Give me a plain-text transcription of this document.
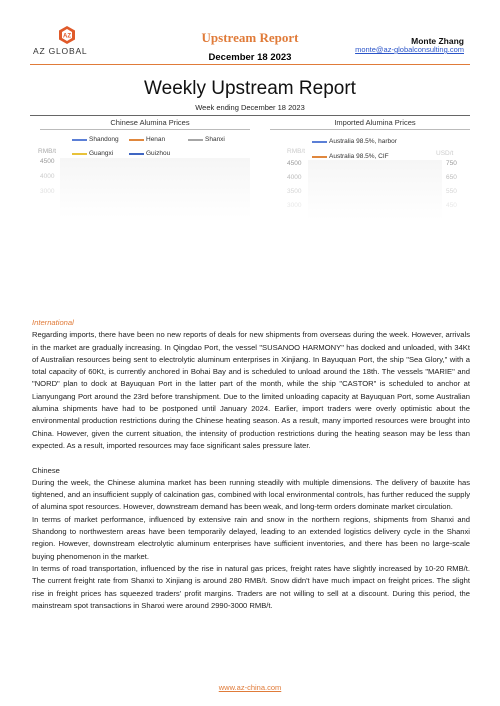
AZ
AZ GLOBAL
Upstream Report
December 18 2023
Monte Zhang
monte@az-globalconsulting.com
Weekly Upstream Report
Week ending December 18 2023
Chinese Alumina Prices
Shandong	Henan	Shanxi
Guangxi	Guizhou
RMB/t
4500
4000
3000
Imported Alumina Prices
Australia 98.5%, harbor
Australia 98.5%, CIF
RMB/t	USD/t
4500
4000
3500
3000
750
650
550
450

International

Regarding imports, there have been no new reports of deals for new shipments from overseas during the week. However, arrivals in the market are gradually increasing. In Qingdao Port, the vessel "SUSANOO HARMONY" has docked and unloaded, with 34Kt of Australian resources being sent to electrolytic aluminum enterprises in Xinjiang. In Bayuquan Port, the ship "Sea Glory," with a total capacity of 60Kt, is currently anchored in Bohai Bay and is scheduled to unload around the 18th. The vessels "MARIE" and "NORD" plan to dock at Bayuquan Port in the latter part of the month, while the ship "CASTOR" is scheduled to anchor at Lianyungang Port around the 23rd before transhipment. Due to the limited unloading capacity at Bayuquan Port, some Australian alumina shipments have had to be postponed until January 2024. Earlier, import traders were overly optimistic about the environmental production restrictions during the Chinese heating season. As a result, many imported resources were brought into China. However, given the current situation, the intensity of production restrictions during the heating season may be less than expected. As a result, imported resources may face significant sales pressure later.

Chinese

During the week, the Chinese alumina market has been running steadily with multiple dimensions. The delivery of bauxite has tightened, and an insufficient supply of calcination gas, combined with local environmental controls, has further reduced the supply of alumina spot resources. However, downstream demand has been weak, and long-term orders dominate market circulation.

In terms of market performance, influenced by extensive rain and snow in the northern regions, shipments from Shanxi and Shandong to northwestern areas have been temporarily delayed, leading to an extended logistics delivery cycle in the Shanxi region. However, downstream electrolytic aluminum enterprises have sufficient inventories, and there has been no large-scale buying phenomenon in the market.

In terms of road transportation, influenced by the rise in natural gas prices, freight rates have slightly increased by 10-20 RMB/t. The current freight rate from Shanxi to Xinjiang is around 280 RMB/t. Snow didn't have much impact on freight prices. The slight rise in freight prices has squeezed traders' profit margins. Traders are not willing to sell at a discount. During this period, the mainstream spot transactions in Shanxi were around 2990-3000 RMB/t.

www.az-china.com
